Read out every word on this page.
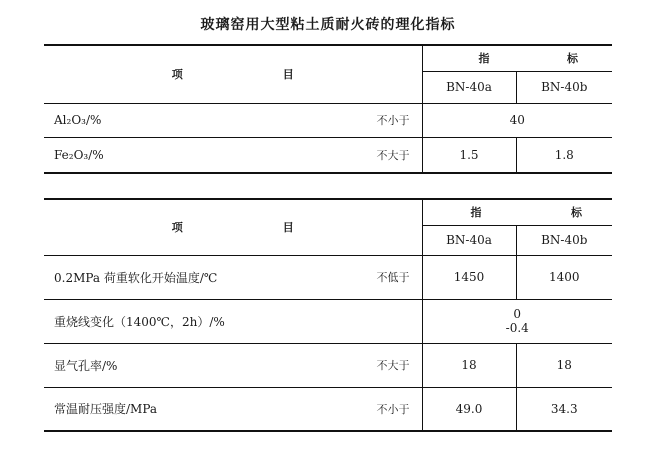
玻璃窑用大型粘土质耐火砖的理化指标
项 目		指 标	

		BN-40a	BN-40b
Al₂O₃/%	不小于	40	
Fe₂O₃/%	不大于	1.5	1.8
项 目		指 标	

		BN-40a	BN-40b
0.2MPa 荷重软化开始温度/℃	不低于	1450	1400
重烧线变化（1400℃，2h）/%		0
-0.4	

显气孔率/%	不大于	18	18
常温耐压强度/MPa	不小于	49.0	34.3
